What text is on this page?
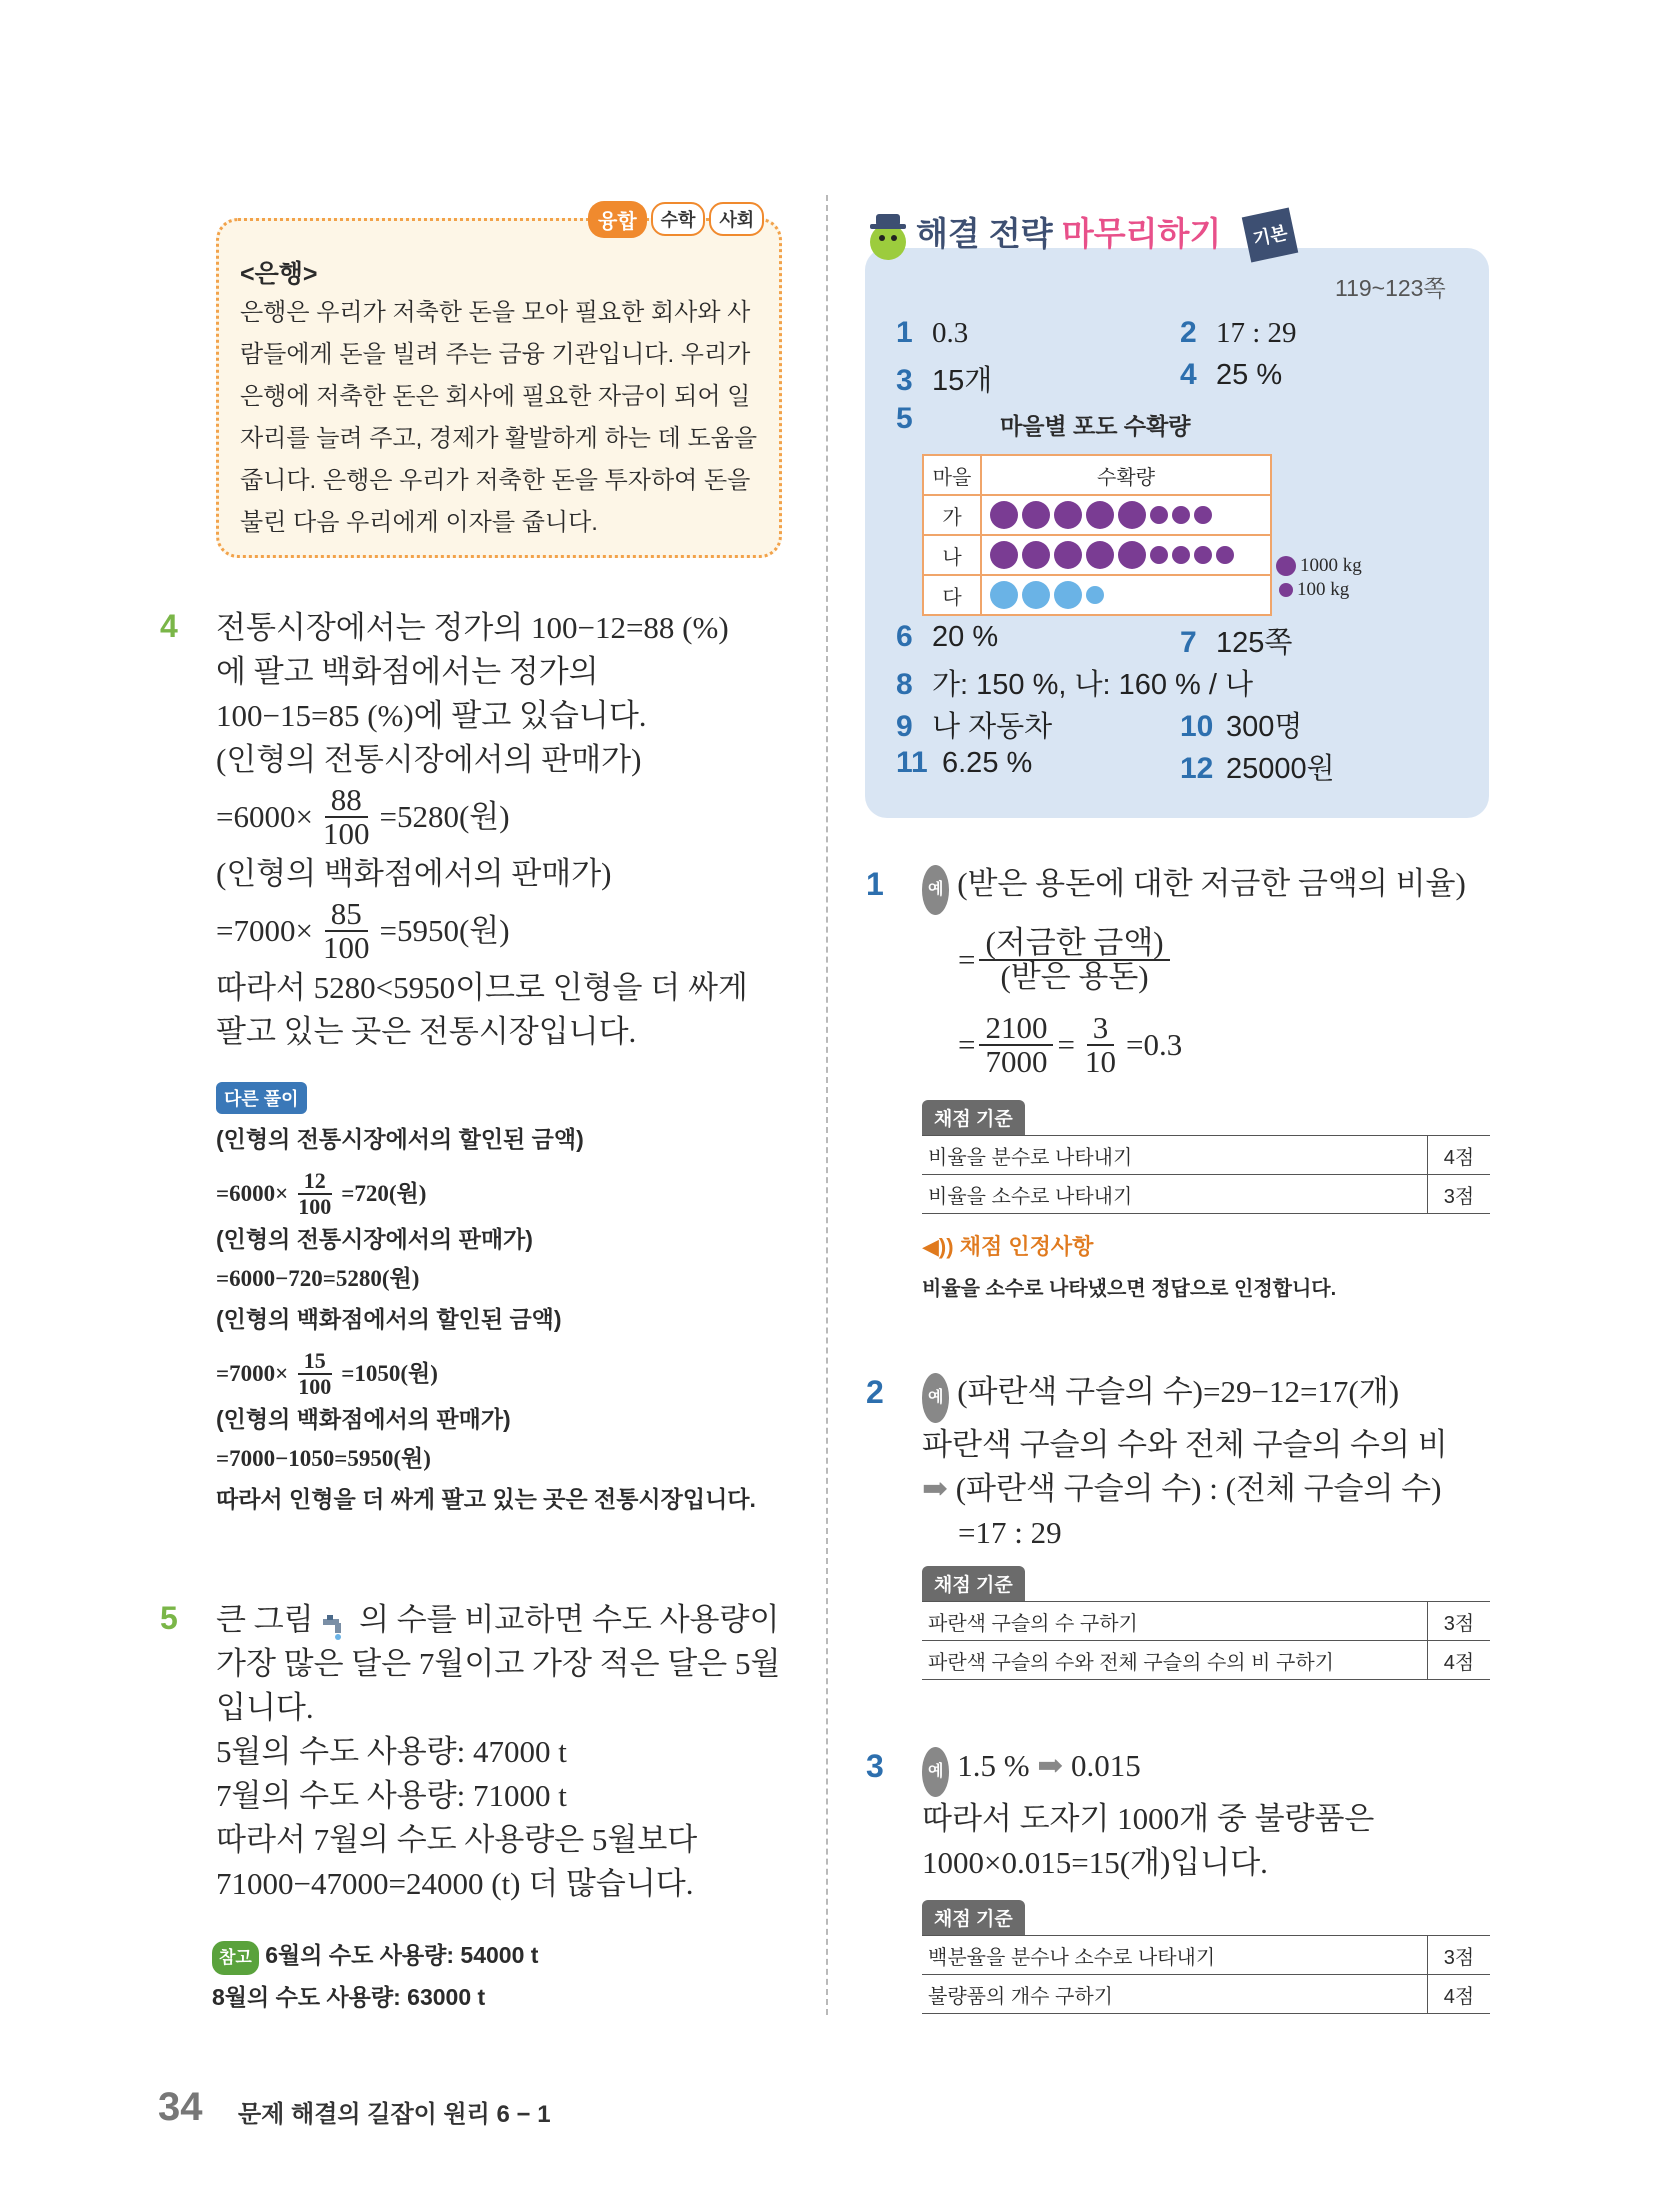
융합	수학	사회
<은행>
은행은 우리가 저축한 돈을 모아 필요한 회사와 사
람들에게 돈을 빌려 주는 금융 기관입니다. 우리가
은행에 저축한 돈은 회사에 필요한 자금이 되어 일
자리를 늘려 주고, 경제가 활발하게 하는 데 도움을
줍니다. 은행은 우리가 저축한 돈을 투자하여 돈을
불린 다음 우리에게 이자를 줍니다.
4 전통시장에서는 정가의 100−12=88 (%)
에 팔고 백화점에서는 정가의
100−15=85 (%)에 팔고 있습니다.
(인형의 전통시장에서의 판매가)
$=6000\times \frac{88}{100} =5280$(원)
(인형의 백화점에서의 판매가)
$=7000\times \frac{85}{100} =5950$(원)
따라서 5280<5950이므로 인형을 더 싸게
팔고 있는 곳은 전통시장입니다.
다른 풀이
(인형의 전통시장에서의 할인된 금액)
$=6000\times \frac{12}{100} =720$(원)
(인형의 전통시장에서의 판매가)
=6000−720=5280(원)
(인형의 백화점에서의 할인된 금액)
$=7000\times \frac{15}{100} =1050$(원)
(인형의 백화점에서의 판매가)
=7000−1050=5950(원)
따라서 인형을 더 싸게 팔고 있는 곳은 전통시장입니다.
5 큰 그림 의 수를 비교하면 수도 사용량이
가장 많은 달은 7월이고 가장 적은 달은 5월
입니다.
5월의 수도 사용량: 47000 t
7월의 수도 사용량: 71000 t
따라서 7월의 수도 사용량은 5월보다
71000−47000=24000 (t) 더 많습니다.
참고 6월의 수도 사용량: 54000 t
8월의 수도 사용량: 63000 t
해결 전략 마무리하기	기본
119~123쪽
1 0.3	2 17 : 29
3 15개	4 25 %
5	마을별 포도 수확량
마을	수확량
가	
나	
다	
1000 kg
100 kg
6 20 %	7 125쪽
8 가: 150 %, 나: 160 % / 나
9 나 자동차	10 300명
11 6.25 %	12 25000원
1	예 (받은 용돈에 대한 저금한 금액의 비율)
= $\frac{\text{(저금한 금액)}}{\text{(받은 용돈)}}$
= $\frac{2100}{7000} = \frac{3}{10} =0.3$
채점 기준
비율을 분수로 나타내기	4점
비율을 소수로 나타내기	3점
◀)) 채점 인정사항
비율을 소수로 나타냈으면 정답으로 인정합니다.
2	예 (파란색 구슬의 수)=29−12=17(개)
파란색 구슬의 수와 전체 구슬의 수의 비
➡ (파란색 구슬의 수) : (전체 구슬의 수)
=17 : 29
채점 기준
파란색 구슬의 수 구하기	3점
파란색 구슬의 수와 전체 구슬의 수의 비 구하기	4점
3	예 1.5 % ➡ 0.015
따라서 도자기 1000개 중 불량품은
1000×0.015=15(개)입니다.
채점 기준
백분율을 분수나 소수로 나타내기	3점
불량품의 개수 구하기	4점
34 문제 해결의 길잡이 원리 6 − 1
